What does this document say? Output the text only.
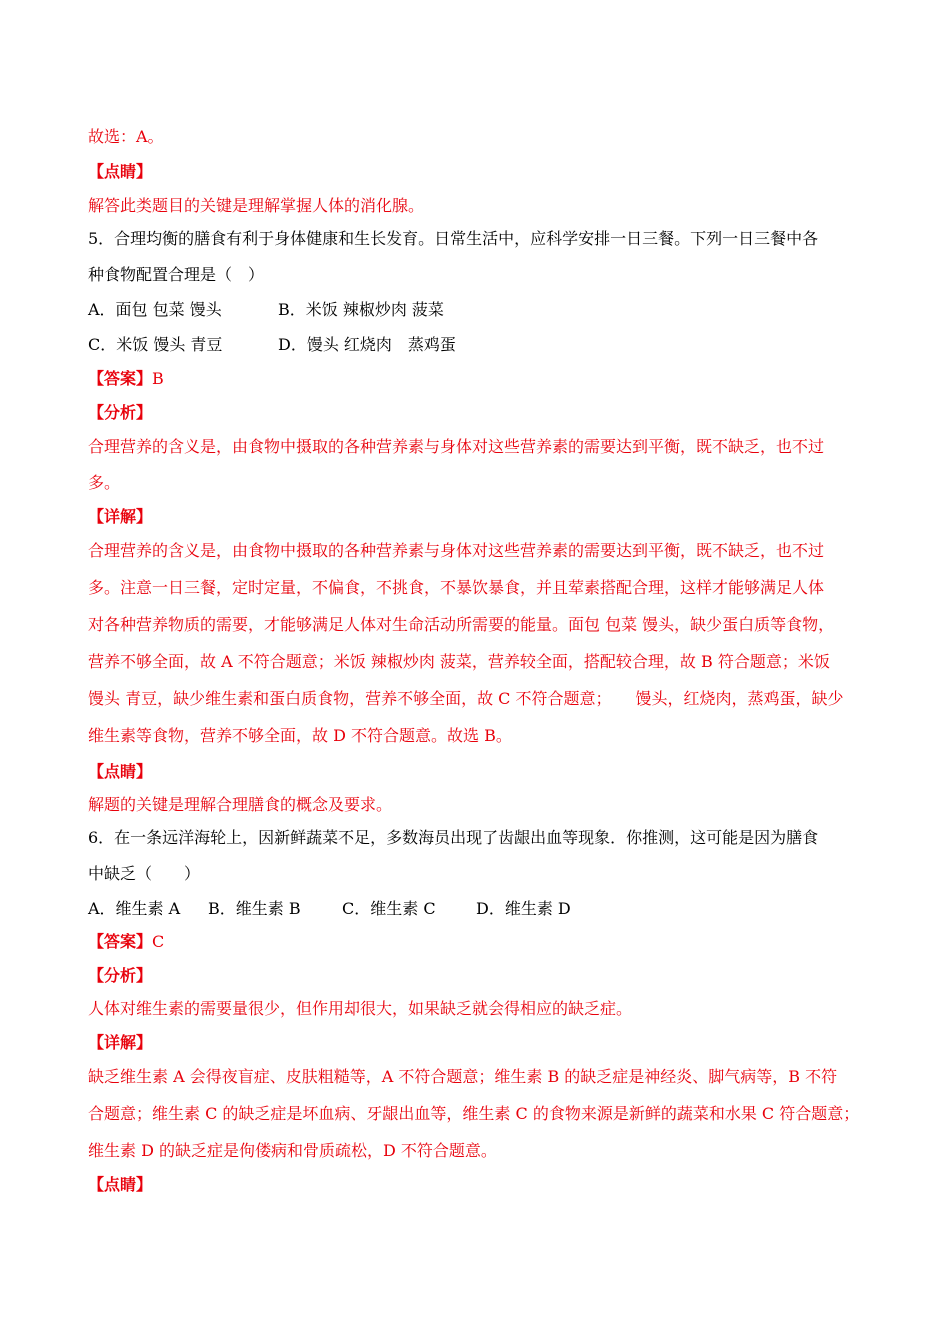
故选：A。
【点睛】
解答此类题目的关键是理解掌握人体的消化腺。
5．合理均衡的膳食有利于身体健康和生长发育。日常生活中，应科学安排一日三餐。下列一日三餐中各
种食物配置合理是（　）
A．面包 包菜 馒头	B．米饭 辣椒炒肉 菠菜
C．米饭 馒头 青豆	D．馒头 红烧肉　蒸鸡蛋
【答案】B
【分析】
合理营养的含义是，由食物中摄取的各种营养素与身体对这些营养素的需要达到平衡，既不缺乏，也不过
多。
【详解】
合理营养的含义是，由食物中摄取的各种营养素与身体对这些营养素的需要达到平衡，既不缺乏，也不过
多。注意一日三餐，定时定量，不偏食，不挑食，不暴饮暴食，并且荤素搭配合理，这样才能够满足人体
对各种营养物质的需要，才能够满足人体对生命活动所需要的能量。面包 包菜 馒头，缺少蛋白质等食物，
营养不够全面，故 A 不符合题意；米饭 辣椒炒肉 菠菜，营养较全面，搭配较合理，故 B 符合题意；米饭
馒头 青豆，缺少维生素和蛋白质食物，营养不够全面，故 C 不符合题意；　　馒头，红烧肉，蒸鸡蛋，缺少
维生素等食物，营养不够全面，故 D 不符合题意。故选 B。
【点睛】
解题的关键是理解合理膳食的概念及要求。
6．在一条远洋海轮上，因新鲜蔬菜不足，多数海员出现了齿龈出血等现象．你推测，这可能是因为膳食
中缺乏（　　）
A．维生素 A B．维生素 B	C．维生素 C	D．维生素 D
【答案】C
【分析】
人体对维生素的需要量很少，但作用却很大，如果缺乏就会得相应的缺乏症。
【详解】
缺乏维生素 A 会得夜盲症、皮肤粗糙等，A 不符合题意；维生素 B 的缺乏症是神经炎、脚气病等，B 不符
合题意；维生素 C 的缺乏症是坏血病、牙龈出血等，维生素 C 的食物来源是新鲜的蔬菜和水果 C 符合题意；
维生素 D 的缺乏症是佝偻病和骨质疏松，D 不符合题意。
【点睛】
